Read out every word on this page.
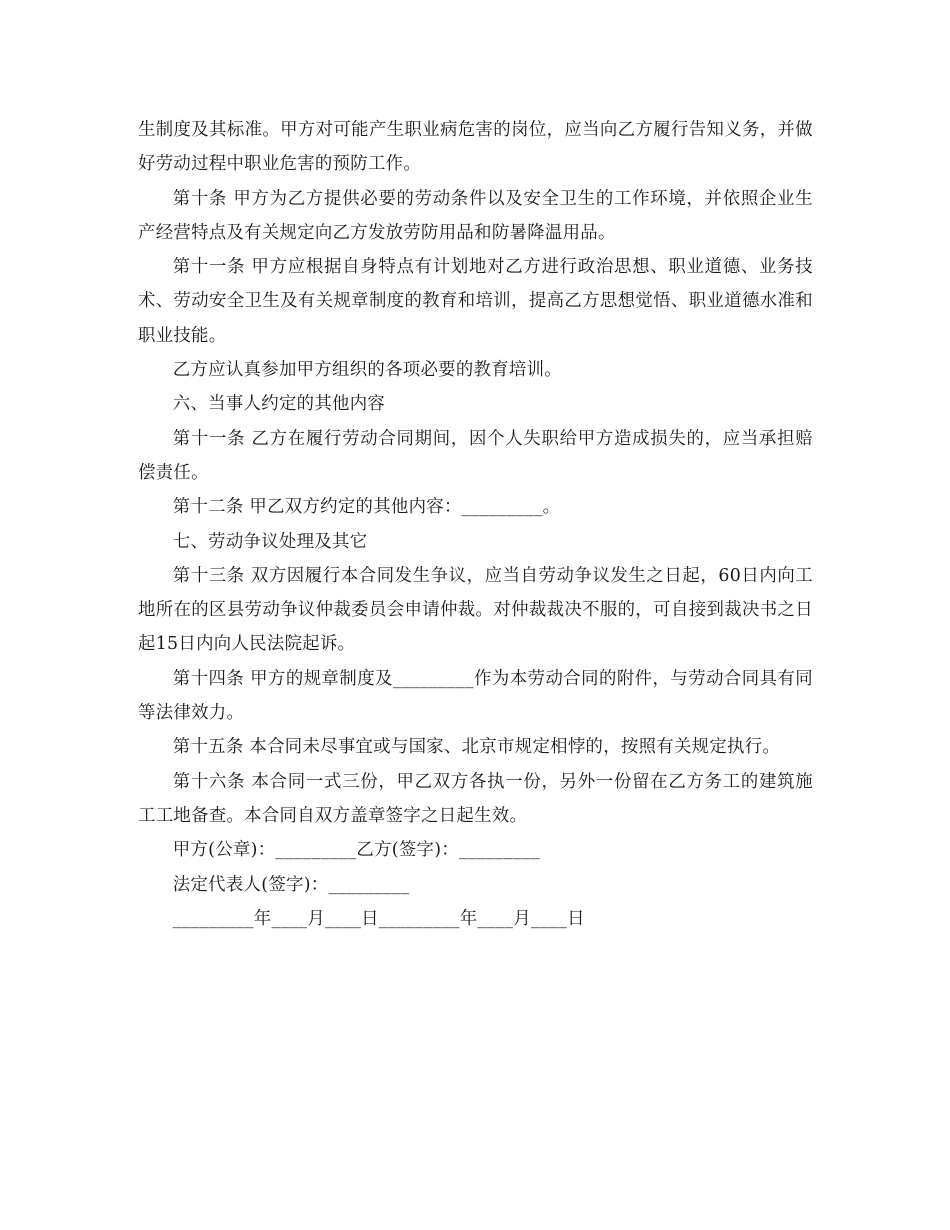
生制度及其标准。甲方对可能产生职业病危害的岗位，应当向乙方履行告知义务，并做好劳动过程中职业危害的预防工作。

第十条 甲方为乙方提供必要的劳动条件以及安全卫生的工作环境，并依照企业生产经营特点及有关规定向乙方发放劳防用品和防暑降温用品。

第十一条 甲方应根据自身特点有计划地对乙方进行政治思想、职业道德、业务技术、劳动安全卫生及有关规章制度的教育和培训，提高乙方思想觉悟、职业道德水准和职业技能。

乙方应认真参加甲方组织的各项必要的教育培训。

六、当事人约定的其他内容

第十一条 乙方在履行劳动合同期间，因个人失职给甲方造成损失的，应当承担赔偿责任。

第十二条 甲乙双方约定的其他内容：_________。

七、劳动争议处理及其它

第十三条 双方因履行本合同发生争议，应当自劳动争议发生之日起，60日内向工地所在的区县劳动争议仲裁委员会申请仲裁。对仲裁裁决不服的，可自接到裁决书之日起15日内向人民法院起诉。

第十四条 甲方的规章制度及_________作为本劳动合同的附件，与劳动合同具有同等法律效力。

第十五条 本合同未尽事宜或与国家、北京市规定相悖的，按照有关规定执行。

第十六条 本合同一式三份，甲乙双方各执一份，另外一份留在乙方务工的建筑施工工地备查。本合同自双方盖章签字之日起生效。

甲方(公章)：_________乙方(签字)：_________

法定代表人(签字)：_________

_________年____月____日_________年____月____日
